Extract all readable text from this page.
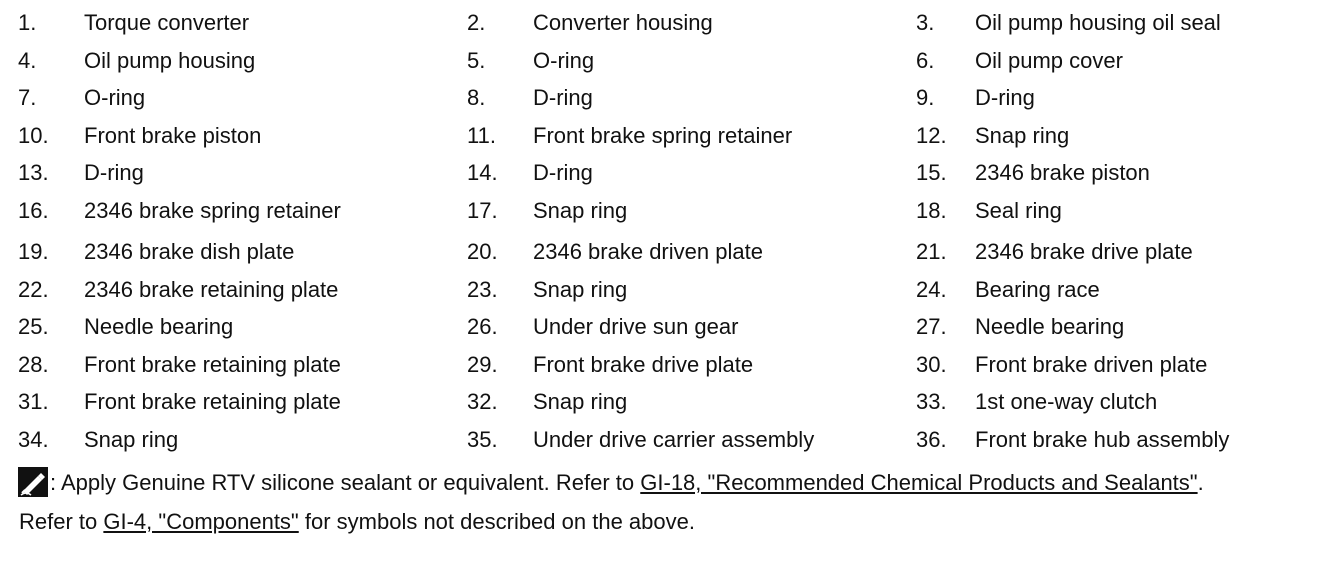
1. Torque converter	2. Converter housing	3. Oil pump housing oil seal
4. Oil pump housing	5. O-ring	6. Oil pump cover
7. O-ring	8. D-ring	9. D-ring
10. Front brake piston	11. Front brake spring retainer	12. Snap ring
13. D-ring	14. D-ring	15. 2346 brake piston
16. 2346 brake spring retainer	17. Snap ring	18. Seal ring
19. 2346 brake dish plate	20. 2346 brake driven plate	21. 2346 brake drive plate
22. 2346 brake retaining plate	23. Snap ring	24. Bearing race
25. Needle bearing	26. Under drive sun gear	27. Needle bearing
28. Front brake retaining plate	29. Front brake drive plate	30. Front brake driven plate
31. Front brake retaining plate	32. Snap ring	33. 1st one-way clutch
34. Snap ring	35. Under drive carrier assembly	36. Front brake hub assembly
: Apply Genuine RTV silicone sealant or equivalent. Refer to GI-18, "Recommended Chemical Products and Sealants".
Refer to GI-4, "Components" for symbols not described on the above.
